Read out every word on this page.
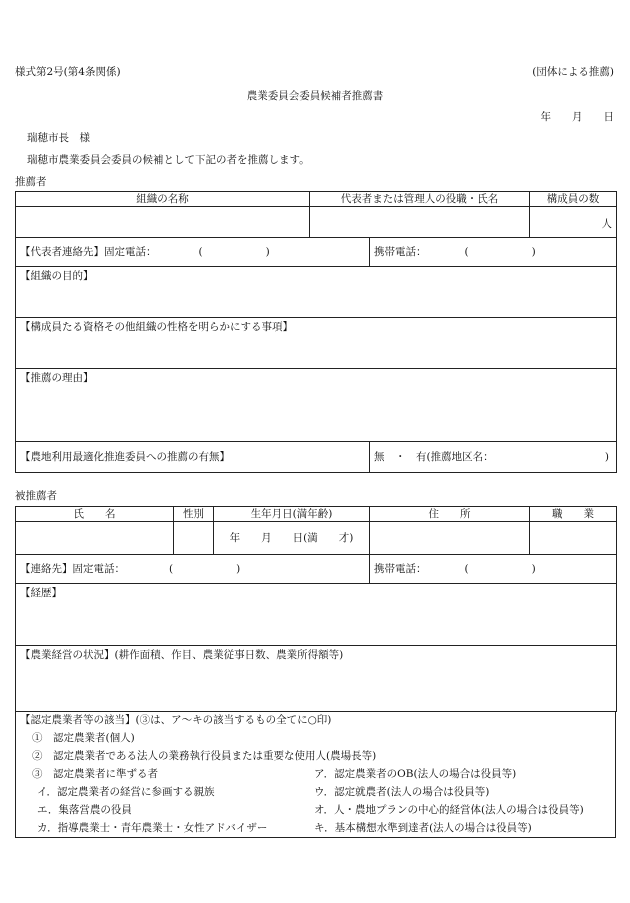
様式第2号(第4条関係)	(団体による推薦)
農業委員会委員候補者推薦書
年　　月　　日
瑞穂市長　様
瑞穂市農業委員会委員の候補として下記の者を推薦します。
推薦者
組織の名称	代表者または管理人の役職・氏名		構成員の数
			人
【代表者連絡先】固定電話： (　　　　　　)		携帯電話： (　　　　　　)	
【組織の目的】			
【構成員たる資格その他組織の性格を明らかにする事項】			
【推薦の理由】			
【農地利用最適化推進委員への推薦の有無】		無　・　有(推薦地区名： )	
被推薦者
氏　　名	性別	生年月日(満年齢)	住　　所	職　　業
		年　　月　　日(満　　才)		
【連絡先】固定電話： (　　　　　　)			携帯電話： (　　　　　　)	
【経歴】				
【農業経営の状況】(耕作面積、作目、農業従事日数、農業所得額等)				
【認定農業者等の該当】(③は、ア～キの該当するもの全てに○印)
①　認定農業者(個人)
②　認定農業者である法人の業務執行役員または重要な使用人(農場長等)
③　認定農業者に準ずる者	ア．認定農業者のOB(法人の場合は役員等)
イ．認定農業者の経営に参画する親族	ウ．認定就農者(法人の場合は役員等)
エ．集落営農の役員	オ．人・農地プランの中心的経営体(法人の場合は役員等)
カ．指導農業士・青年農業士・女性アドバイザー	キ．基本構想水準到達者(法人の場合は役員等)
